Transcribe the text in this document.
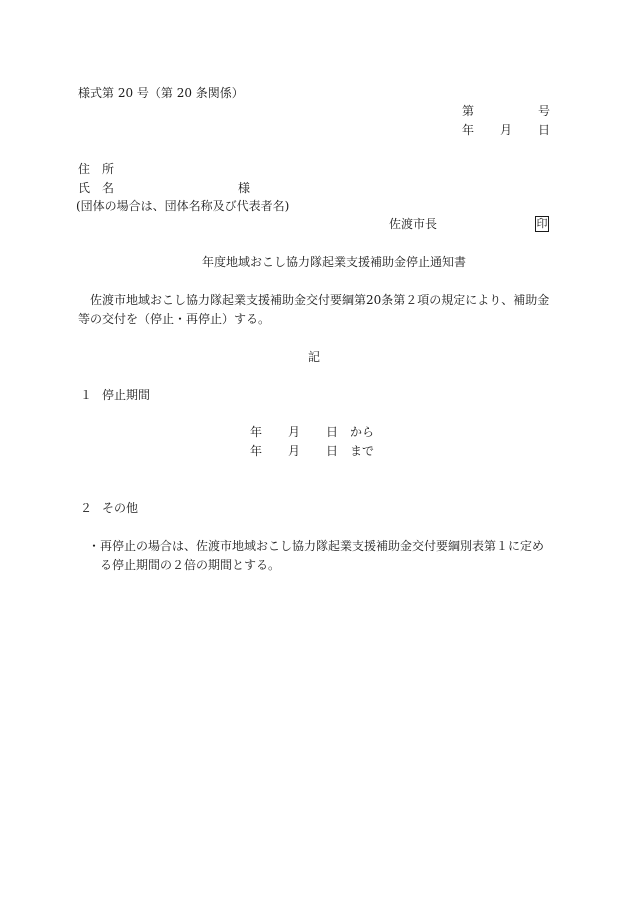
様式第 20 号（第 20 条関係）
第	号
年 月 日
住　所
氏　名	様
(団体の場合は、団体名称及び代表者名)
佐渡市長	印
年度地域おこし協力隊起業支援補助金停止通知書
佐渡市地域おこし協力隊起業支援補助金交付要綱第20条第２項の規定により、補助金
等の交付を（停止・再停止）する。
記
１ 停止期間
年 月 日 から
年 月 日 まで
２ その他
・ 再停止の場合は、佐渡市地域おこし協力隊起業支援補助金交付要綱別表第１に定め
る停止期間の２倍の期間とする。
